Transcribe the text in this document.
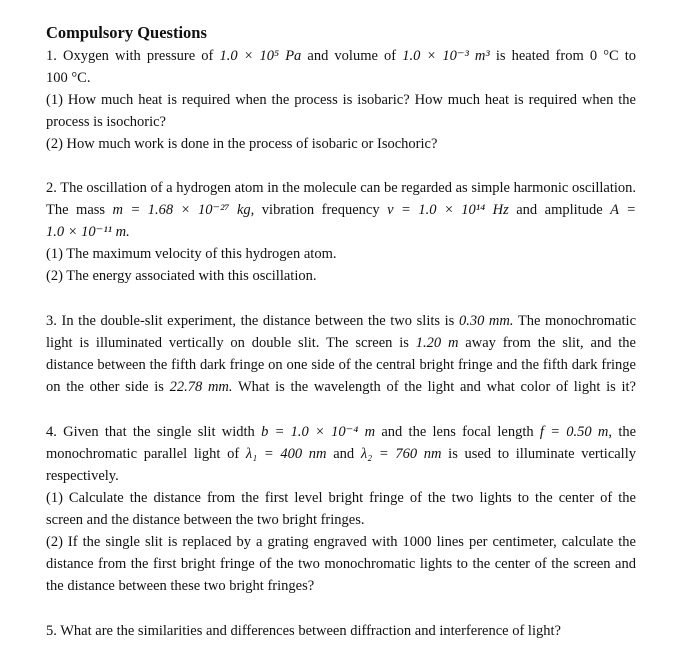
Compulsory Questions
1. Oxygen with pressure of 1.0 × 10⁵ Pa and volume of 1.0 × 10⁻³ m³ is heated from 0 °C to
100 °C.
(1) How much heat is required when the process is isobaric? How much heat is required when the
process is isochoric?
(2) How much work is done in the process of isobaric or Isochoric?
2. The oscillation of a hydrogen atom in the molecule can be regarded as simple harmonic oscillation.
The mass m = 1.68 × 10⁻²⁷ kg, vibration frequency ν = 1.0 × 10¹⁴ Hz and amplitude A =
1.0 × 10⁻¹¹ m.
(1) The maximum velocity of this hydrogen atom.
(2) The energy associated with this oscillation.
3. In the double-slit experiment, the distance between the two slits is 0.30 mm. The monochromatic
light is illuminated vertically on double slit. The screen is 1.20 m away from the slit, and the
distance between the fifth dark fringe on one side of the central bright fringe and the fifth dark fringe
on the other side is 22.78 mm. What is the wavelength of the light and what color of light is it?
4. Given that the single slit width b = 1.0 × 10⁻⁴ m and the lens focal length f = 0.50 m, the
monochromatic parallel light of λ₁ = 400 nm and λ₂ = 760 nm is used to illuminate vertically
respectively.
(1) Calculate the distance from the first level bright fringe of the two lights to the center of the
screen and the distance between the two bright fringes.
(2) If the single slit is replaced by a grating engraved with 1000 lines per centimeter, calculate the
distance from the first bright fringe of the two monochromatic lights to the center of the screen and
the distance between these two bright fringes?
5. What are the similarities and differences between diffraction and interference of light?
